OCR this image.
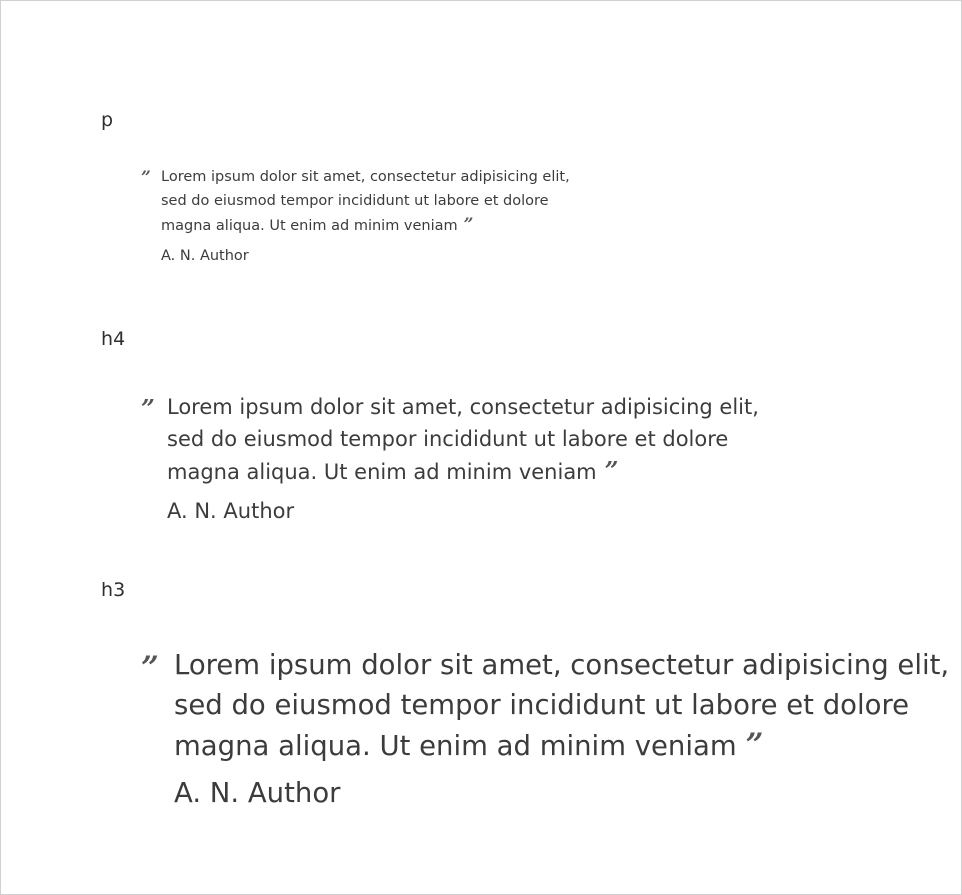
p
” Lorem ipsum dolor sit amet, consectetur adipisicing elit,
sed do eiusmod tempor incididunt ut labore et dolore
magna aliqua. Ut enim ad minim veniam ”
A. N. Author
h4
” Lorem ipsum dolor sit amet, consectetur adipisicing elit,
sed do eiusmod tempor incididunt ut labore et dolore
magna aliqua. Ut enim ad minim veniam ”
A. N. Author
h3
” Lorem ipsum dolor sit amet, consectetur adipisicing elit,
sed do eiusmod tempor incididunt ut labore et dolore
magna aliqua. Ut enim ad minim veniam ”
A. N. Author
